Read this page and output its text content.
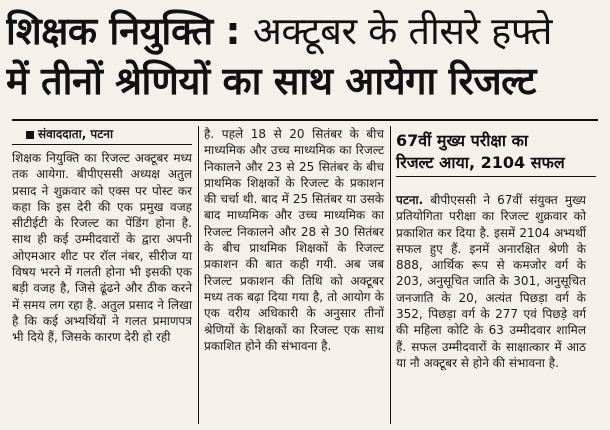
शिक्षक नियुक्ति : अक्टूबर के तीसरे हफ्ते
में तीनों श्रेणियों का साथ आयेगा रिजल्ट
संवाददाता, पटना

शिक्षक नियुक्ति का रिजल्ट अक्टूबर मध्य तक आयेगा. बीपीएससी अध्यक्ष अतुल प्रसाद ने शुक्रवार को एक्स पर पोस्ट कर कहा कि इस देरी की एक प्रमुख वजह सीटीईटी के रिजल्ट का पेंडिंग होना है. साथ ही कई उम्मीदवारों के द्वारा अपनी ओएमआर शीट पर रॉल नंबर, सीरीज या विषय भरने में गलती होना भी इसकी एक बड़ी वजह है, जिसे ढूंढने और ठीक करने में समय लग रहा है. अतुल प्रसाद ने लिखा है कि कई अभ्यर्थियों ने गलत प्रमाणपत्र भी दिये हैं, जिसके कारण देरी हो रही

है. पहले 18 से 20 सितंबर के बीच माध्यमिक और उच्च माध्यमिक का रिजल्ट निकालने और 23 से 25 सितंबर के बीच प्राथमिक शिक्षकों के रिजल्ट के प्रकाशन की चर्चा थी. बाद में 25 सितंबर या उसके बाद माध्यमिक और उच्च माध्यमिक का रिजल्ट निकालने और 28 से 30 सितंबर के बीच प्राथमिक शिक्षकों के रिजल्ट प्रकाशन की बात कही गयी. अब जब रिजल्ट प्रकाशन की तिथि को अक्टूबर मध्य तक बढ़ा दिया गया है, तो आयोग के एक वरीय अधिकारी के अनुसार तीनों श्रेणियों के शिक्षकों का रिजल्ट एक साथ प्रकाशित होने की संभावना है.

67वीं मुख्य परीक्षा का
रिजल्ट आया, 2104 सफल

पटना. बीपीएससी ने 67वीं संयुक्त मुख्य प्रतियोगिता परीक्षा का रिजल्ट शुक्रवार को प्रकाशित कर दिया है. इसमें 2104 अभ्यर्थी सफल हुए हैं. इनमें अनारक्षित श्रेणी के 888, आर्थिक रूप से कमजोर वर्ग के 203, अनुसूचित जाति के 301, अनुसूचित जनजाति के 20, अत्यंत पिछड़ा वर्ग के 352, पिछड़ा वर्ग के 277 एवं पिछड़े वर्ग की महिला कोटि के 63 उम्मीदवार शामिल हैं. सफल उम्मीदवारों के साक्षात्कार में आठ या नौ अक्टूबर से होने की संभावना है.
